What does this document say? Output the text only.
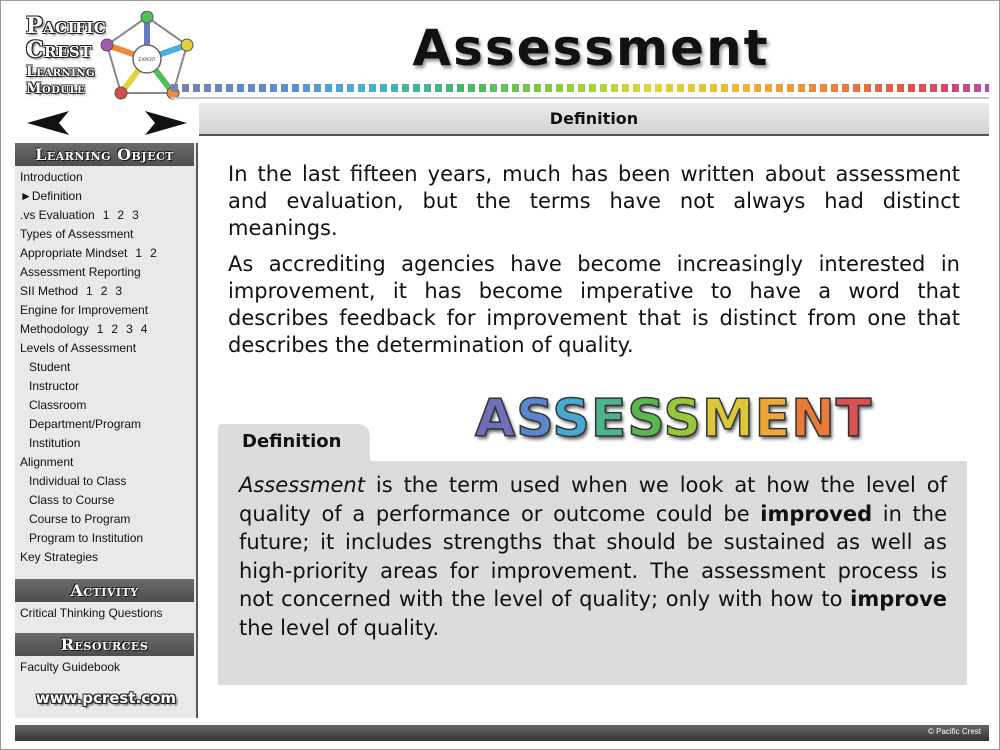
Pacific
Crest
Learning
Module
EXPERT	Assessment
Definition
Learning Object
Introduction
►Definition
.vs Evaluation 1 2 3
Types of Assessment
Appropriate Mindset 1 2
Assessment Reporting
SII Method 1 2 3
Engine for Improvement
Methodology 1 2 3 4
Levels of Assessment
Student
Instructor
Classroom
Department/Program
Institution
Alignment
Individual to Class
Class to Course
Course to Program
Program to Institution
Key Strategies
Activity
Critical Thinking Questions
Resources
Faculty Guidebook
www.pcrest.com

In the last fifteen years, much has been written about assessment and evaluation, but the terms have not always had distinct meanings.

As accrediting agencies have become increasingly interested in improvement, it has become imperative to have a word that describes feedback for improvement that is distinct from one that describes the determination of quality.

ASSESSMENT
Definition
Assessment is the term used when we look at how the level of quality of a performance or outcome could be improved in the future; it includes strengths that should be sustained as well as high-priority areas for improvement. The assessment process is not concerned with the level of quality; only with how to improve the level of quality.
© Pacific Crest
